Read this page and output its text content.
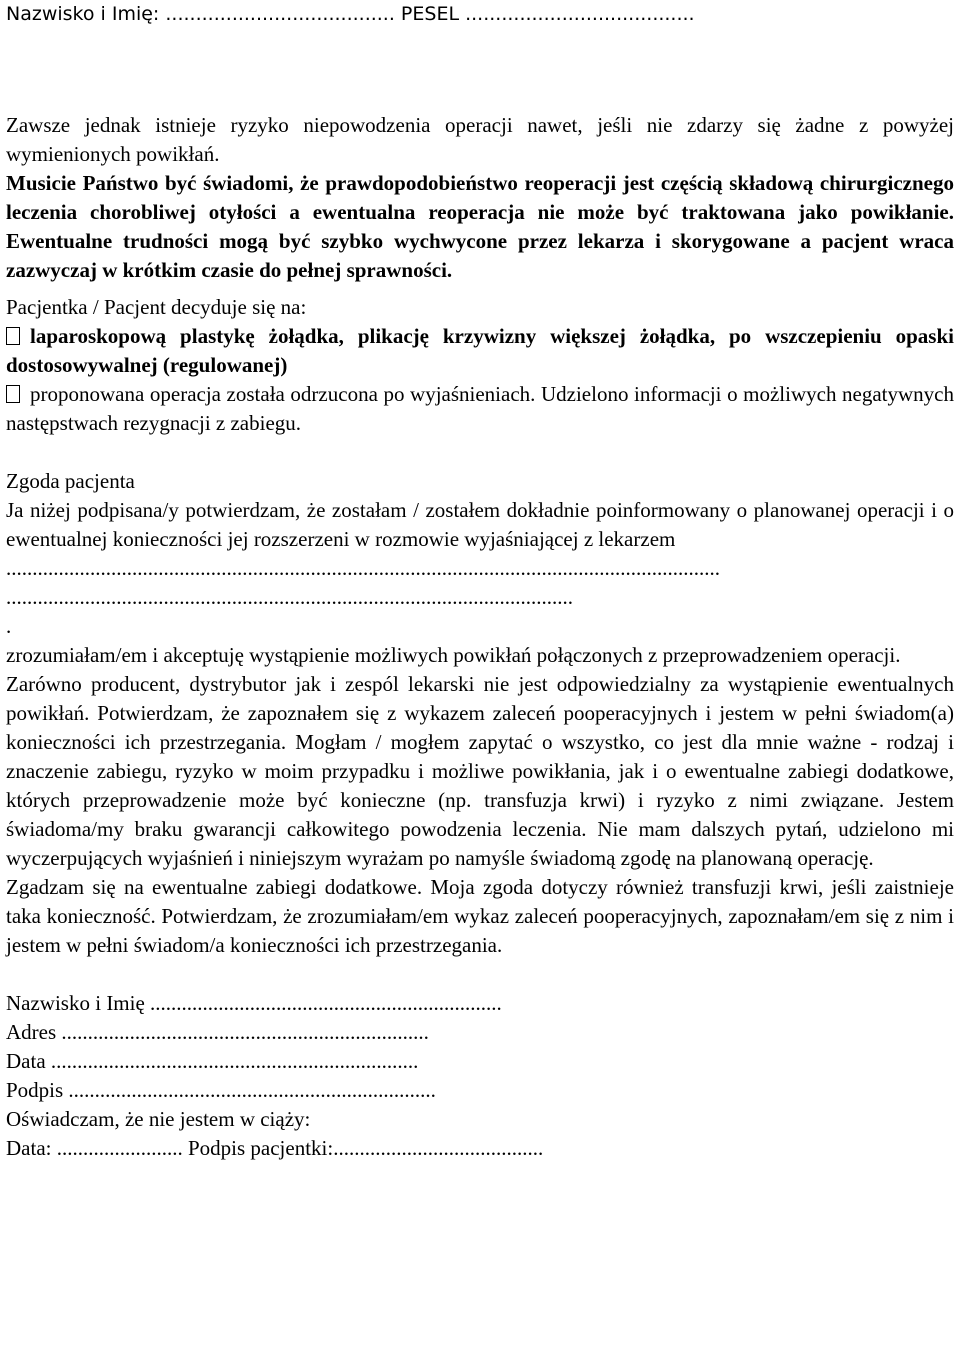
Nazwisko i Imię: ...................................... PESEL ......................................

Zawsze jednak istnieje ryzyko niepowodzenia operacji nawet, jeśli nie zdarzy się żadne z powyżej wymienionych powikłań.

Musicie Państwo być świadomi, że prawdopodobieństwo reoperacji jest częścią składową chirurgicznego leczenia chorobliwej otyłości a ewentualna reoperacja nie może być traktowana jako powikłanie. Ewentualne trudności mogą być szybko wychwycone przez lekarza i skorygowane a pacjent wraca zazwyczaj w krótkim czasie do pełnej sprawności.

Pacjentka / Pacjent decyduje się na:

laparoskopową plastykę żołądka, plikację krzywizny większej żołądka, po wszczepieniu opaski dostosowywalnej (regulowanej)

proponowana operacja została odrzucona po wyjaśnieniach. Udzielono informacji o możliwych negatywnych następstwach rezygnacji z zabiegu.

Zgoda pacjenta

Ja niżej podpisana/y potwierdzam, że zostałam / zostałem dokładnie poinformowany o planowanej operacji i o ewentualnej konieczności jej rozszerzeni w rozmowie wyjaśniającej z lekarzem

........................................................................................................................................
............................................................................................................
.

zrozumiałam/em i akceptuję wystąpienie możliwych powikłań połączonych z przeprowadzeniem operacji.

Zarówno producent, dystrybutor jak i zespól lekarski nie jest odpowiedzialny za wystąpienie ewentualnych powikłań. Potwierdzam, że zapoznałem się z wykazem zaleceń pooperacyjnych i jestem w pełni świadom(a) konieczności ich przestrzegania. Mogłam / mogłem zapytać o wszystko, co jest dla mnie ważne - rodzaj i znaczenie zabiegu, ryzyko w moim przypadku i możliwe powikłania, jak i o ewentualne zabiegi dodatkowe, których przeprowadzenie może być konieczne (np. transfuzja krwi) i ryzyko z nimi związane. Jestem świadoma/my braku gwarancji całkowitego powodzenia leczenia. Nie mam dalszych pytań, udzielono mi wyczerpujących wyjaśnień i niniejszym wyrażam po namyśle świadomą zgodę na planowaną operację.

Zgadzam się na ewentualne zabiegi dodatkowe. Moja zgoda dotyczy również transfuzji krwi, jeśli zaistnieje taka konieczność. Potwierdzam, że zrozumiałam/em wykaz zaleceń pooperacyjnych, zapoznałam/em się z nim i jestem w pełni świadom/a konieczności ich przestrzegania.

Nazwisko i Imię ...................................................................
Adres ......................................................................
Data ......................................................................
Podpis ......................................................................
Oświadczam, że nie jestem w ciąży:
Data: ........................ Podpis pacjentki:........................................
